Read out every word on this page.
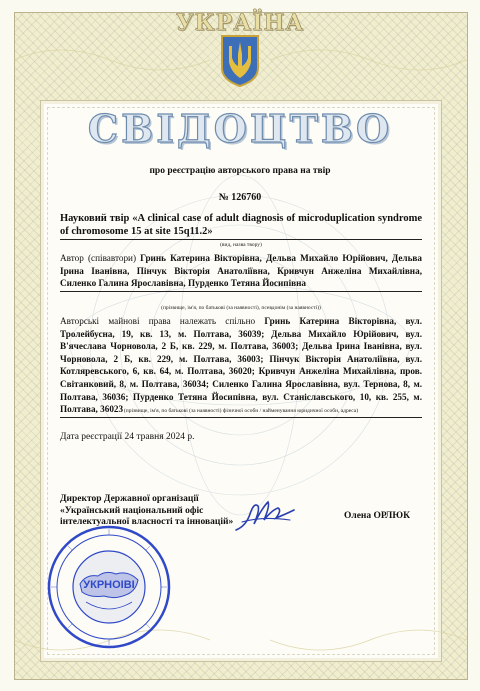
УКРАЇНА
СВІДОЦТВО
про реєстрацію авторського права на твір
№ 126760
Науковий твір «A clinical case of adult diagnosis of microduplication syndrome of chromosome 15 at site 15q11.2»
(вид, назва твору)
Автор (співавтори) Гринь Катерина Вікторівна, Дельва Михайло Юрійович, Дельва Ірина Іванівна, Пінчук Вікторія Анатоліївна, Кривчун Анжеліна Михайлівна, Силенко Галина Ярославівна, Пурденко Тетяна Йосипівна
(прізвище, ім'я, по батькові (за наявності), псевдонім (за наявності))
Авторські майнові права належать спільно Гринь Катерина Вікторівна, вул. Тролейбусна, 19, кв. 13, м. Полтава, 36039; Дельва Михайло Юрійович, вул. В'ячеслава Чорновола, 2 Б, кв. 229, м. Полтава, 36003; Дельва Ірина Іванівна, вул. Чорновола, 2 Б, кв. 229, м. Полтава, 36003; Пінчук Вікторія Анатоліївна, вул. Котляревського, 6, кв. 64, м. Полтава, 36020; Кривчун Анжеліна Михайлівна, пров. Світанковий, 8, м. Полтава, 36034; Силенко Галина Ярославівна, вул. Тернова, 8, м. Полтава, 36036; Пурденко Тетяна Йосипівна, вул. Станіславського, 10, кв. 255, м. Полтава, 36023 (прізвище, ім'я, по батькові (за наявності) фізичної особи / найменування юридичної особи, адреса)
Дата реєстрації 24 травня 2024 р.
Директор Державної організації «Український національний офіс інтелектуальної власності та інновацій»
Олена ОРЛЮК
УКРНОІВІ
